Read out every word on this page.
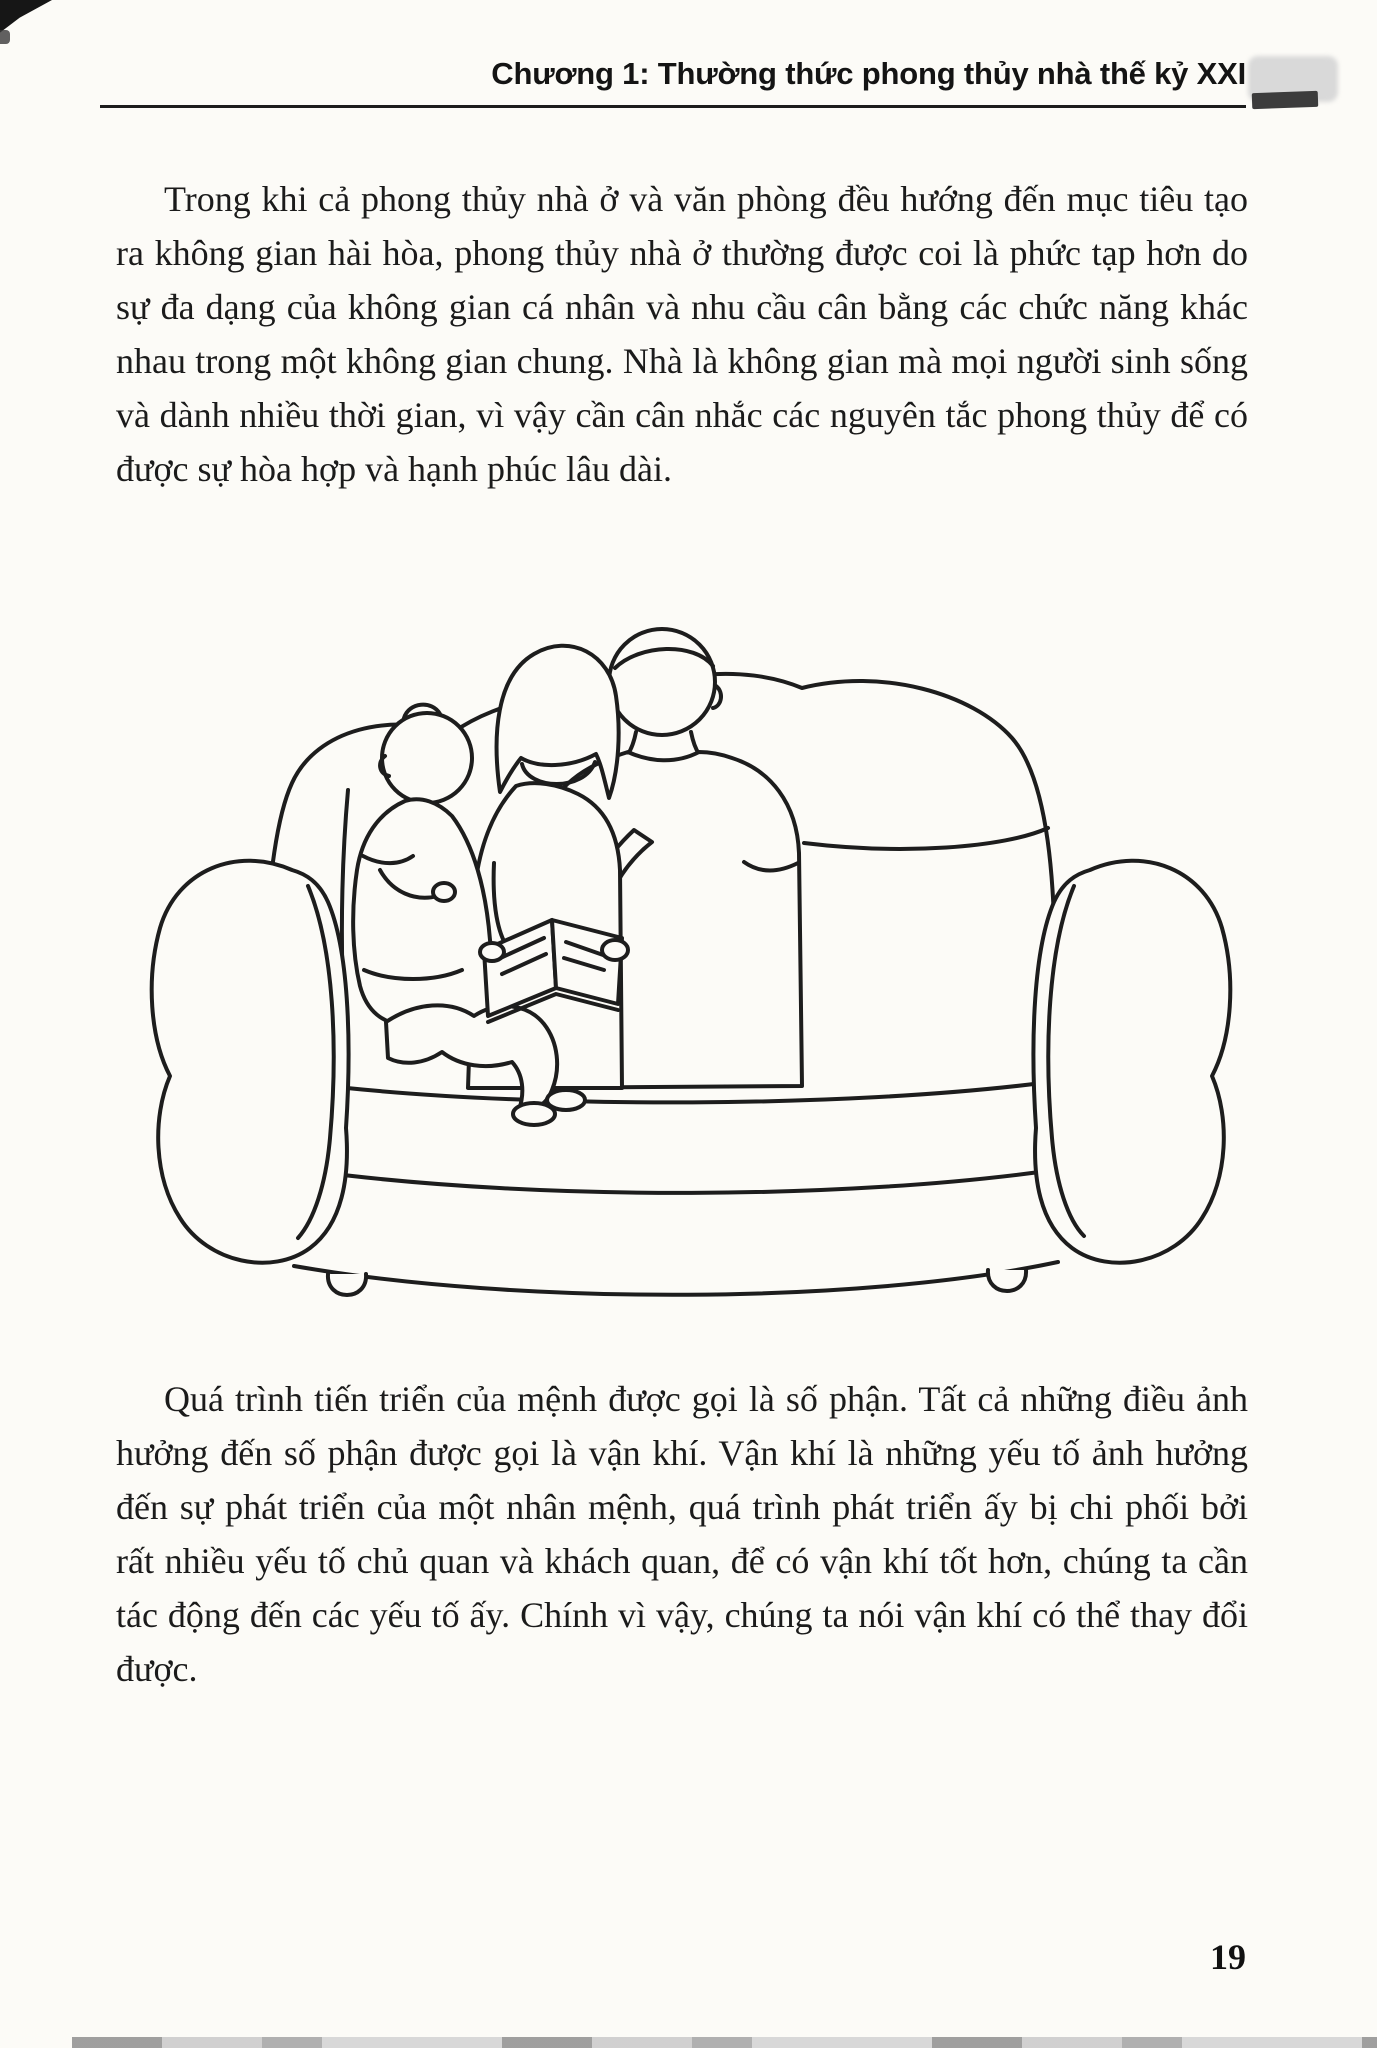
Chương 1: Thường thức phong thủy nhà thế kỷ XXI

Trong khi cả phong thủy nhà ở và văn phòng đều hướng đến mục tiêu tạo ra không gian hài hòa, phong thủy nhà ở thường được coi là phức tạp hơn do sự đa dạng của không gian cá nhân và nhu cầu cân bằng các chức năng khác nhau trong một không gian chung. Nhà là không gian mà mọi người sinh sống và dành nhiều thời gian, vì vậy cần cân nhắc các nguyên tắc phong thủy để có được sự hòa hợp và hạnh phúc lâu dài.

Quá trình tiến triển của mệnh được gọi là số phận. Tất cả những điều ảnh hưởng đến số phận được gọi là vận khí. Vận khí là những yếu tố ảnh hưởng đến sự phát triển của một nhân mệnh, quá trình phát triển ấy bị chi phối bởi rất nhiều yếu tố chủ quan và khách quan, để có vận khí tốt hơn, chúng ta cần tác động đến các yếu tố ấy. Chính vì vậy, chúng ta nói vận khí có thể thay đổi được.

19
